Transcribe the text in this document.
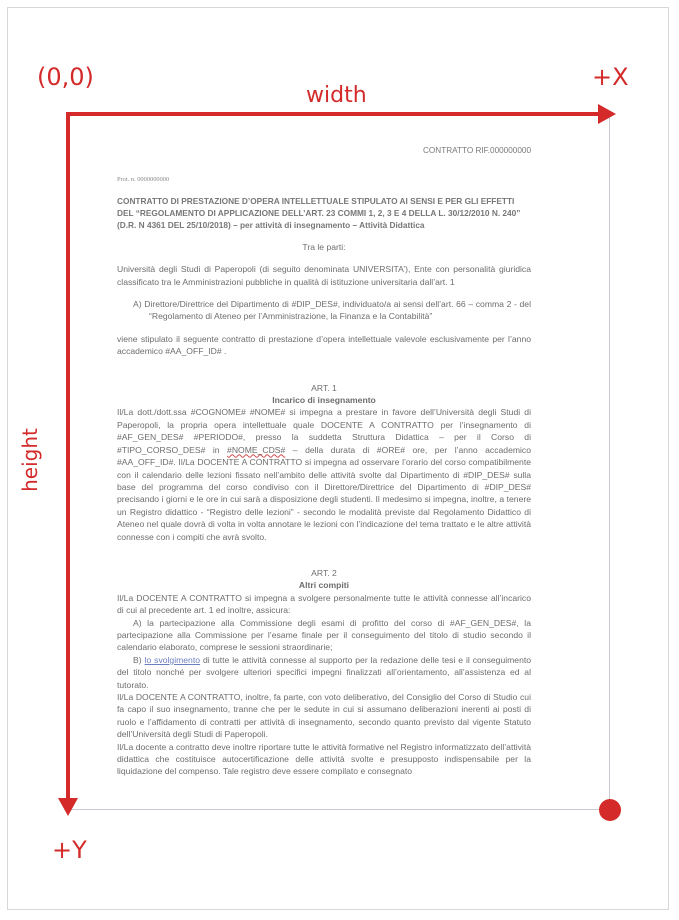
CONTRATTO RIF.000000000

Prot. n. 0000000000

CONTRATTO DI PRESTAZIONE D’OPERA INTELLETTUALE STIPULATO AI SENSI E PER GLI EFFETTI DEL “REGOLAMENTO DI APPLICAZIONE DELL’ART. 23 COMMI 1, 2, 3 E 4 DELLA L. 30/12/2010 N. 240” (D.R. N 4361 DEL 25/10/2018) – per attività di insegnamento – Attività Didattica

Tra le parti:

Università degli Studi di Paperopoli (di seguito denominata UNIVERSITA’), Ente con personalità giuridica classificato tra le Amministrazioni pubbliche in qualità di istituzione universitaria dall’art. 1

A) Direttore/Direttrice del Dipartimento di #DIP_DES#, individuato/a ai sensi dell’art. 66 – comma 2 - del “Regolamento di Ateneo per l’Amministrazione, la Finanza e la Contabilità”

viene stipulato il seguente contratto di prestazione d’opera intellettuale valevole esclusivamente per l’anno accademico #AA_OFF_ID# .

ART. 1

Incarico di insegnamento

Il/La dott./dott.ssa #COGNOME# #NOME# si impegna a prestare in favore dell’Università degli Studi di Paperopoli, la propria opera intellettuale quale DOCENTE A CONTRATTO per l’insegnamento di #AF_GEN_DES# #PERIODO#, presso la suddetta Struttura Didattica – per il Corso di #TIPO_CORSO_DES# in #NOME_CDS# – della durata di #ORE# ore, per l’anno accademico #AA_OFF_ID#. Il/La DOCENTE A CONTRATTO si impegna ad osservare l’orario del corso compatibilmente con il calendario delle lezioni fissato nell’ambito delle attività svolte dal Dipartimento di #DIP_DES# sulla base del programma del corso condiviso con il Direttore/Direttrice del Dipartimento di #DIP_DES# precisando i giorni e le ore in cui sarà a disposizione degli studenti. Il medesimo si impegna, inoltre, a tenere un Registro didattico - “Registro delle lezioni” - secondo le modalità previste dal Regolamento Didattico di Ateneo nel quale dovrà di volta in volta annotare le lezioni con l’indicazione del tema trattato e le altre attività connesse con i compiti che avrà svolto.

ART. 2

Altri compiti

Il/La DOCENTE A CONTRATTO si impegna a svolgere personalmente tutte le attività connesse all’incarico di cui al precedente art. 1 ed inoltre, assicura:

A) la partecipazione alla Commissione degli esami di profitto del corso di #AF_GEN_DES#, la partecipazione alla Commissione per l’esame finale per il conseguimento del titolo di studio secondo il calendario elaborato, comprese le sessioni straordinarie;

B) lo svolgimento di tutte le attività connesse al supporto per la redazione delle tesi e il conseguimento del titolo nonché per svolgere ulteriori specifici impegni finalizzati all’orientamento, all’assistenza ed al tutorato.

Il/La DOCENTE A CONTRATTO, inoltre, fa parte, con voto deliberativo, del Consiglio del Corso di Studio cui fa capo il suo insegnamento, tranne che per le sedute in cui si assumano deliberazioni inerenti ai posti di ruolo e l’affidamento di contratti per attività di insegnamento, secondo quanto previsto dal vigente Statuto dell’Università degli Studi di Paperopoli.

Il/La docente a contratto deve inoltre riportare tutte le attività formative nel Registro informatizzato dell’attività didattica che costituisce autocertificazione delle attività svolte e presupposto indispensabile per la liquidazione del compenso. Tale registro deve essere compilato e consegnato

(0,0)	+X
width
+Y
height
